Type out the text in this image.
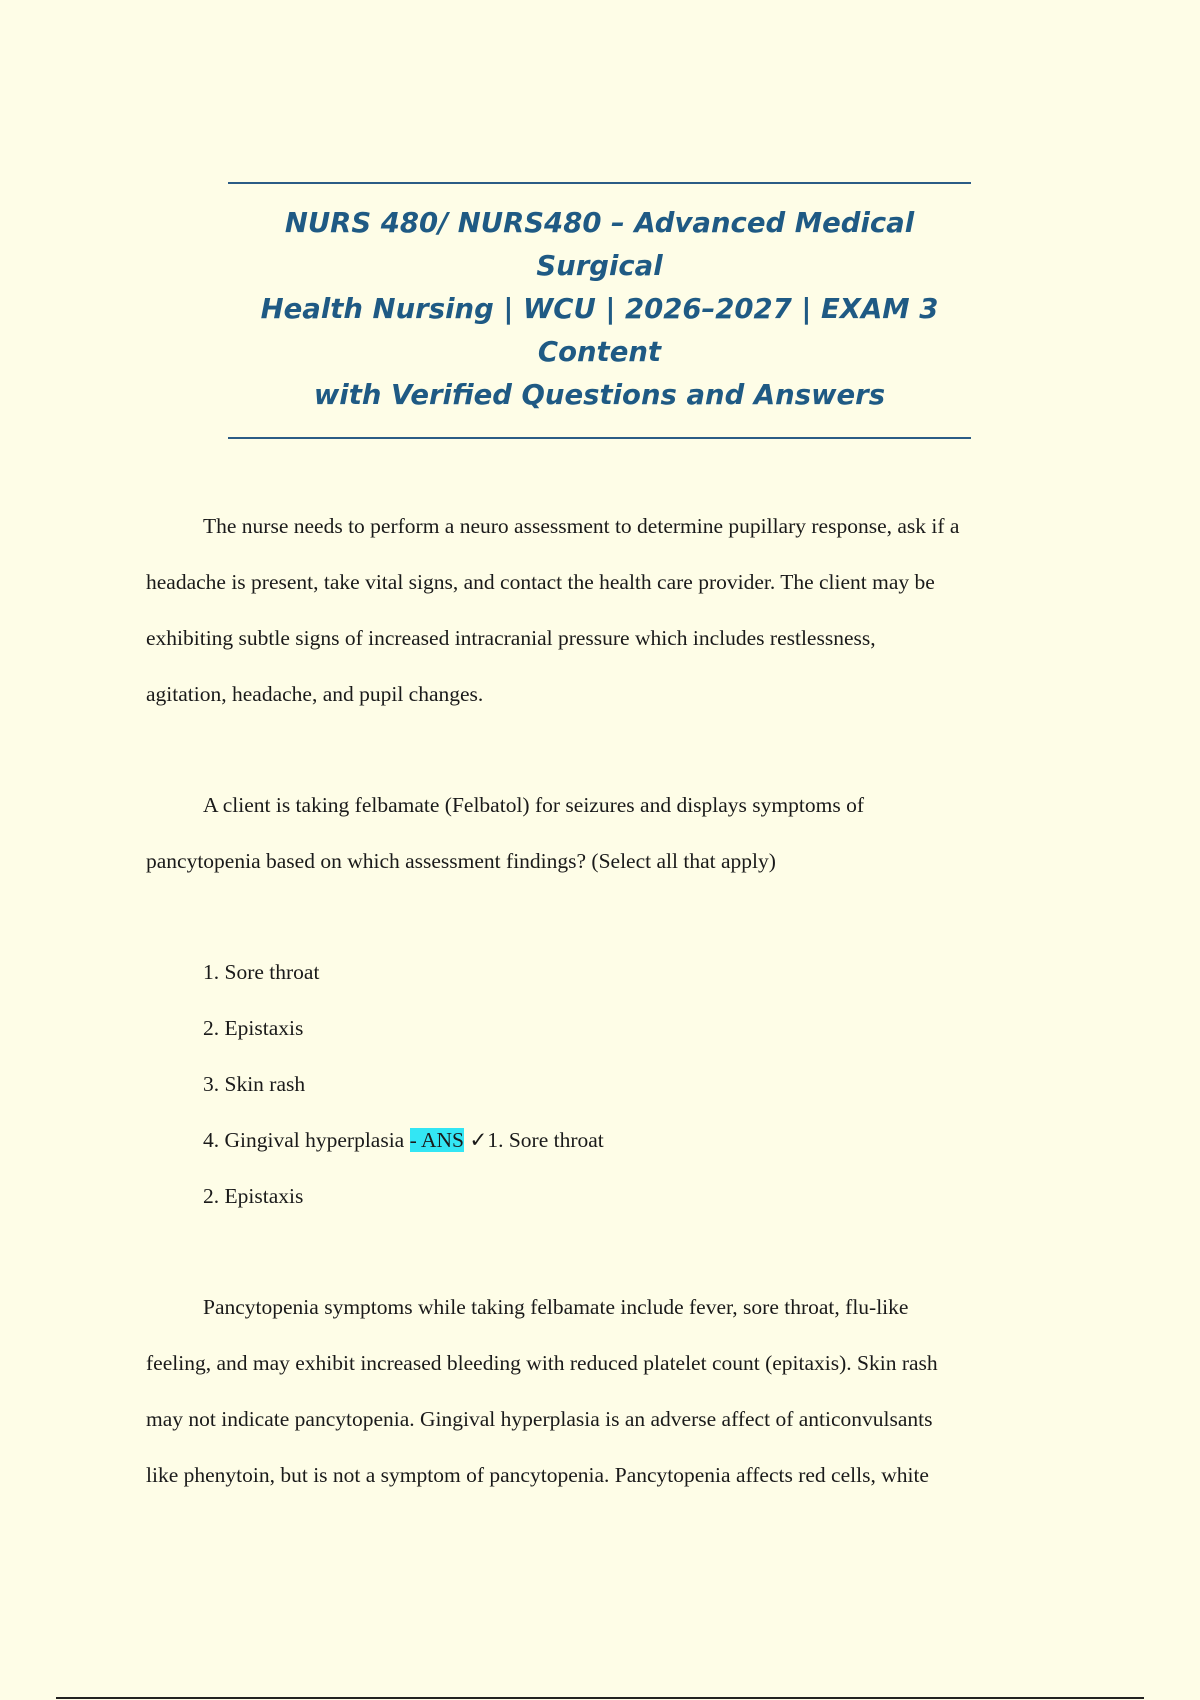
NURS 480/ NURS480 – Advanced Medical Surgical
Health Nursing | WCU | 2026–2027 | EXAM 3 Content
with Verified Questions and Answers
The nurse needs to perform a neuro assessment to determine pupillary response, ask if a
headache is present, take vital signs, and contact the health care provider. The client may be
exhibiting subtle signs of increased intracranial pressure which includes restlessness,
agitation, headache, and pupil changes.
A client is taking felbamate (Felbatol) for seizures and displays symptoms of
pancytopenia based on which assessment findings? (Select all that apply)
1. Sore throat
2. Epistaxis
3. Skin rash
4. Gingival hyperplasia - ANS ✓1. Sore throat
2. Epistaxis
Pancytopenia symptoms while taking felbamate include fever, sore throat, flu-like
feeling, and may exhibit increased bleeding with reduced platelet count (epitaxis). Skin rash
may not indicate pancytopenia. Gingival hyperplasia is an adverse affect of anticonvulsants
like phenytoin, but is not a symptom of pancytopenia. Pancytopenia affects red cells, white
